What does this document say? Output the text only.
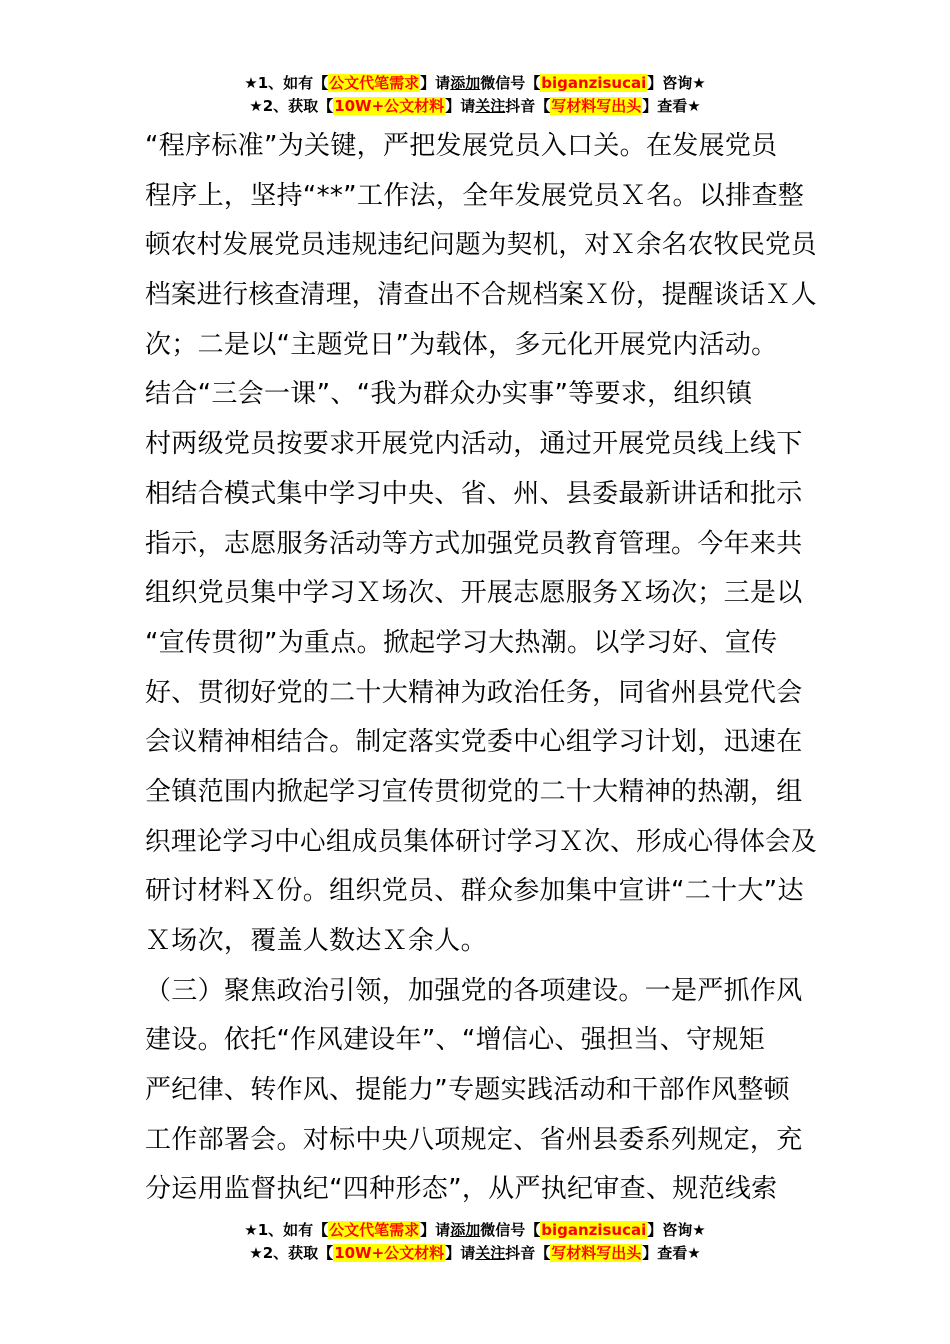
★1、如有【公文代笔需求】请添加微信号【biganzisucai】咨询★
★2、获取【10W+公文材料】请关注抖音【写材料写出头】查看★
“程序标准”为关键，严把发展党员入口关。在发展党员
程序上，坚持“**”工作法，全年发展党员Ｘ名。以排查整
顿农村发展党员违规违纪问题为契机，对Ｘ余名农牧民党员
档案进行核查清理，清查出不合规档案Ｘ份，提醒谈话Ｘ人
次；二是以“主题党日”为载体，多元化开展党内活动。
结合“三会一课”、“我为群众办实事”等要求，组织镇
村两级党员按要求开展党内活动，通过开展党员线上线下
相结合模式集中学习中央、省、州、县委最新讲话和批示
指示，志愿服务活动等方式加强党员教育管理。今年来共
组织党员集中学习Ｘ场次、开展志愿服务Ｘ场次；三是以
“宣传贯彻”为重点。掀起学习大热潮。以学习好、宣传
好、贯彻好党的二十大精神为政治任务，同省州县党代会
会议精神相结合。制定落实党委中心组学习计划，迅速在
全镇范围内掀起学习宣传贯彻党的二十大精神的热潮，组
织理论学习中心组成员集体研讨学习Ｘ次、形成心得体会及
研讨材料Ｘ份。组织党员、群众参加集中宣讲“二十大”达
Ｘ场次，覆盖人数达Ｘ余人。
（三）聚焦政治引领，加强党的各项建设。一是严抓作风
建设。依托“作风建设年”、“增信心、强担当、守规矩
严纪律、转作风、提能力”专题实践活动和干部作风整顿
工作部署会。对标中央八项规定、省州县委系列规定，充
分运用监督执纪“四种形态”，从严执纪审查、规范线索
★1、如有【公文代笔需求】请添加微信号【biganzisucai】咨询★
★2、获取【10W+公文材料】请关注抖音【写材料写出头】查看★
